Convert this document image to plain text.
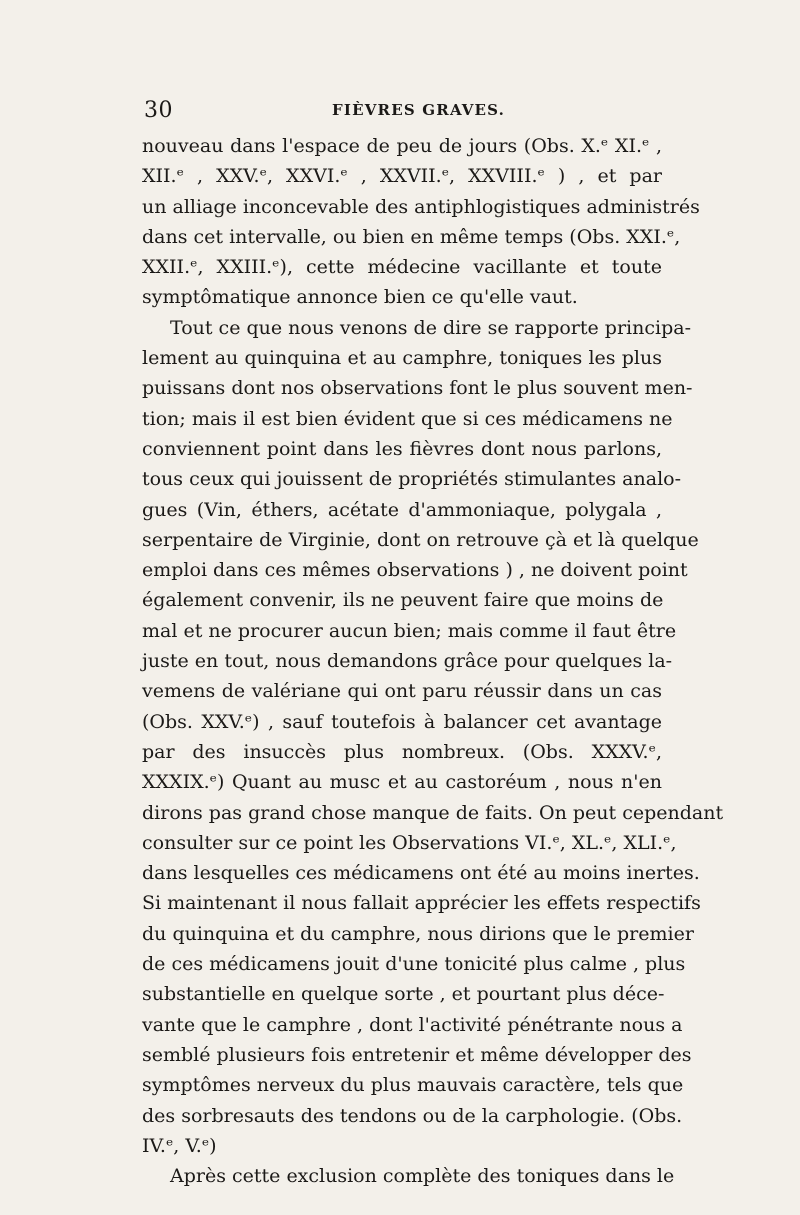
30	FIÈVRES GRAVES.
nouveau dans l'espace de peu de jours (Obs. X.ᵉ XI.ᵉ ,
XII.ᵉ , XXV.ᵉ, XXVI.ᵉ , XXVII.ᵉ, XXVIII.ᵉ ) , et par
un alliage inconcevable des antiphlogistiques administrés
dans cet intervalle, ou bien en même temps (Obs. XXI.ᵉ,
XXII.ᵉ, XXIII.ᵉ), cette médecine vacillante et toute
symptômatique annonce bien ce qu'elle vaut.
Tout ce que nous venons de dire se rapporte principa-
lement au quinquina et au camphre, toniques les plus
puissans dont nos observations font le plus souvent men-
tion; mais il est bien évident que si ces médicamens ne
conviennent point dans les fièvres dont nous parlons,
tous ceux qui jouissent de propriétés stimulantes analo-
gues (Vin, éthers, acétate d'ammoniaque, polygala ,
serpentaire de Virginie, dont on retrouve çà et là quelque
emploi dans ces mêmes observations ) , ne doivent point
également convenir, ils ne peuvent faire que moins de
mal et ne procurer aucun bien; mais comme il faut être
juste en tout, nous demandons grâce pour quelques la-
vemens de valériane qui ont paru réussir dans un cas
(Obs. XXV.ᵉ) , sauf toutefois à balancer cet avantage
par des insuccès plus nombreux. (Obs. XXXV.ᵉ,
XXXIX.ᵉ) Quant au musc et au castoréum , nous n'en
dirons pas grand chose manque de faits. On peut cependant
consulter sur ce point les Observations VI.ᵉ, XL.ᵉ, XLI.ᵉ,
dans lesquelles ces médicamens ont été au moins inertes.
Si maintenant il nous fallait apprécier les effets respectifs
du quinquina et du camphre, nous dirions que le premier
de ces médicamens jouit d'une tonicité plus calme , plus
substantielle en quelque sorte , et pourtant plus déce-
vante que le camphre , dont l'activité pénétrante nous a
semblé plusieurs fois entretenir et même développer des
symptômes nerveux du plus mauvais caractère, tels que
des sorbresauts des tendons ou de la carphologie. (Obs.
IV.ᵉ, V.ᵉ)
Après cette exclusion complète des toniques dans le
